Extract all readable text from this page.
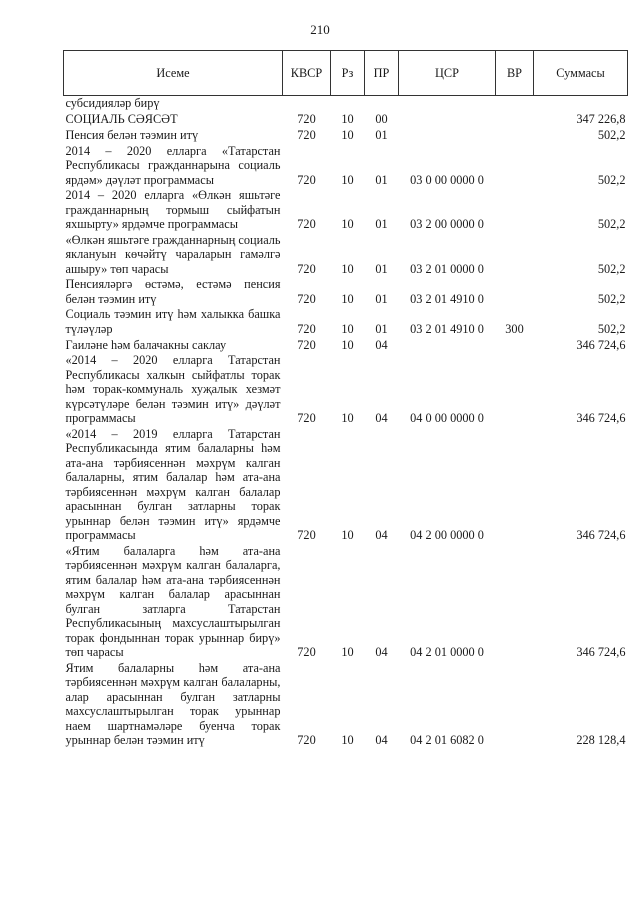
210
Исеме	КВСР	Рз	ПР	ЦСР	ВР	Суммасы
субсидияләр бирү						
СОЦИАЛЬ СӘЯСӘТ	720	10	00			347 226,8
Пенсия белән тәэмин итү	720	10	01			502,2
2014 – 2020 елларга «Татарстан Республикасы гражданнарына социаль ярдәм» дәүләт программасы	720	10	01	03 0 00 0000 0		502,2
2014 – 2020 елларга «Өлкән яшьтәге гражданнарның тормыш сыйфатын яхшырту» ярдәмче программасы	720	10	01	03 2 00 0000 0		502,2
«Өлкән яшьтәге гражданнарның социаль яклануын көчәйтү чараларын гамәлгә ашыру» төп чарасы	720	10	01	03 2 01 0000 0		502,2
Пенсияләргә өстәмә, естәмә пенсия белән тәэмин итү	720	10	01	03 2 01 4910 0		502,2
Социаль тәэмин итү һәм халыкка башка түләүләр	720	10	01	03 2 01 4910 0	300	502,2
Гаиләне һәм балачакны саклау	720	10	04			346 724,6
«2014 – 2020 елларга Татарстан Республикасы халкын сыйфатлы торак һәм торак-коммуналь хуҗалык хезмәт күрсәтүләре белән тәэмин итү» дәүләт программасы	720	10	04	04 0 00 0000 0		346 724,6
«2014 – 2019 елларга Татарстан Республикасында ятим балаларны һәм ата-ана тәрбиясеннән мәхрүм калган балаларны, ятим балалар һәм ата-ана тәрбиясеннән мәхрүм калган балалар арасыннан булган затларны торак урыннар белән тәэмин итү» ярдәмче программасы	720	10	04	04 2 00 0000 0		346 724,6
«Ятим балаларга һәм ата-ана тәрбиясеннән мәхрүм калган балаларга, ятим балалар һәм ата-ана тәрбиясеннән мәхрүм калган балалар арасыннан булган затларга Татарстан Республикасының махсуслаштырылган торак фондыннан торак урыннар бирү» төп чарасы	720	10	04	04 2 01 0000 0		346 724,6
Ятим балаларны һәм ата-ана тәрбиясеннән мәхрүм калган балаларны, алар арасыннан булган затларны махсуслаштырылган торак урыннар наем шартнамәләре буенча торак урыннар белән тәэмин итү	720	10	04	04 2 01 6082 0		228 128,4
